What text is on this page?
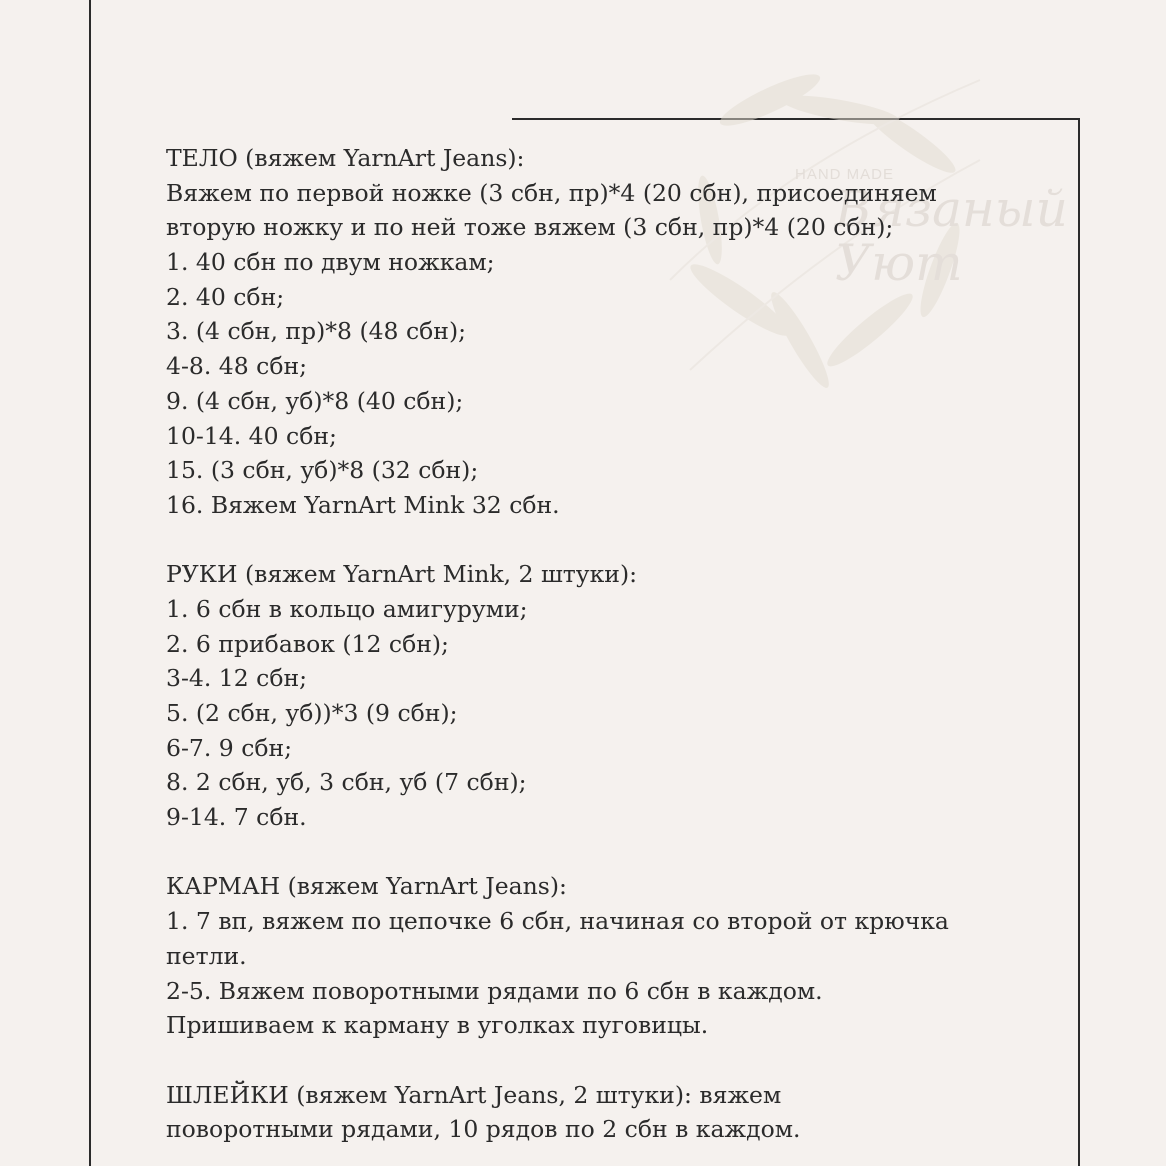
HAND MADE
Вязаный
Уют
ТЕЛО (вяжем YarnArt Jeans):
Вяжем по первой ножке (3 сбн, пр)*4 (20 сбн), присоединяем
вторую ножку и по ней тоже вяжем (3 сбн, пр)*4 (20 сбн);
1. 40 сбн по двум ножкам;
2. 40 сбн;
3. (4 сбн, пр)*8 (48 сбн);
4-8. 48 сбн;
9. (4 сбн, уб)*8 (40 сбн);
10-14. 40 сбн;
15. (3 сбн, уб)*8 (32 сбн);
16. Вяжем YarnArt Mink 32 сбн.
РУКИ (вяжем YarnArt Mink, 2 штуки):
1. 6 сбн в кольцо амигуруми;
2. 6 прибавок (12 сбн);
3-4. 12 сбн;
5. (2 сбн, уб))*3 (9 сбн);
6-7. 9 сбн;
8. 2 сбн, уб, 3 сбн, уб (7 сбн);
9-14. 7 сбн.
КАРМАН (вяжем YarnArt Jeans):
1. 7 вп, вяжем по цепочке 6 сбн, начиная со второй от крючка
петли.
2-5. Вяжем поворотными рядами по 6 сбн в каждом.
Пришиваем к карману в уголках пуговицы.
ШЛЕЙКИ (вяжем YarnArt Jeans, 2 штуки): вяжем
поворотными рядами, 10 рядов по 2 сбн в каждом.
